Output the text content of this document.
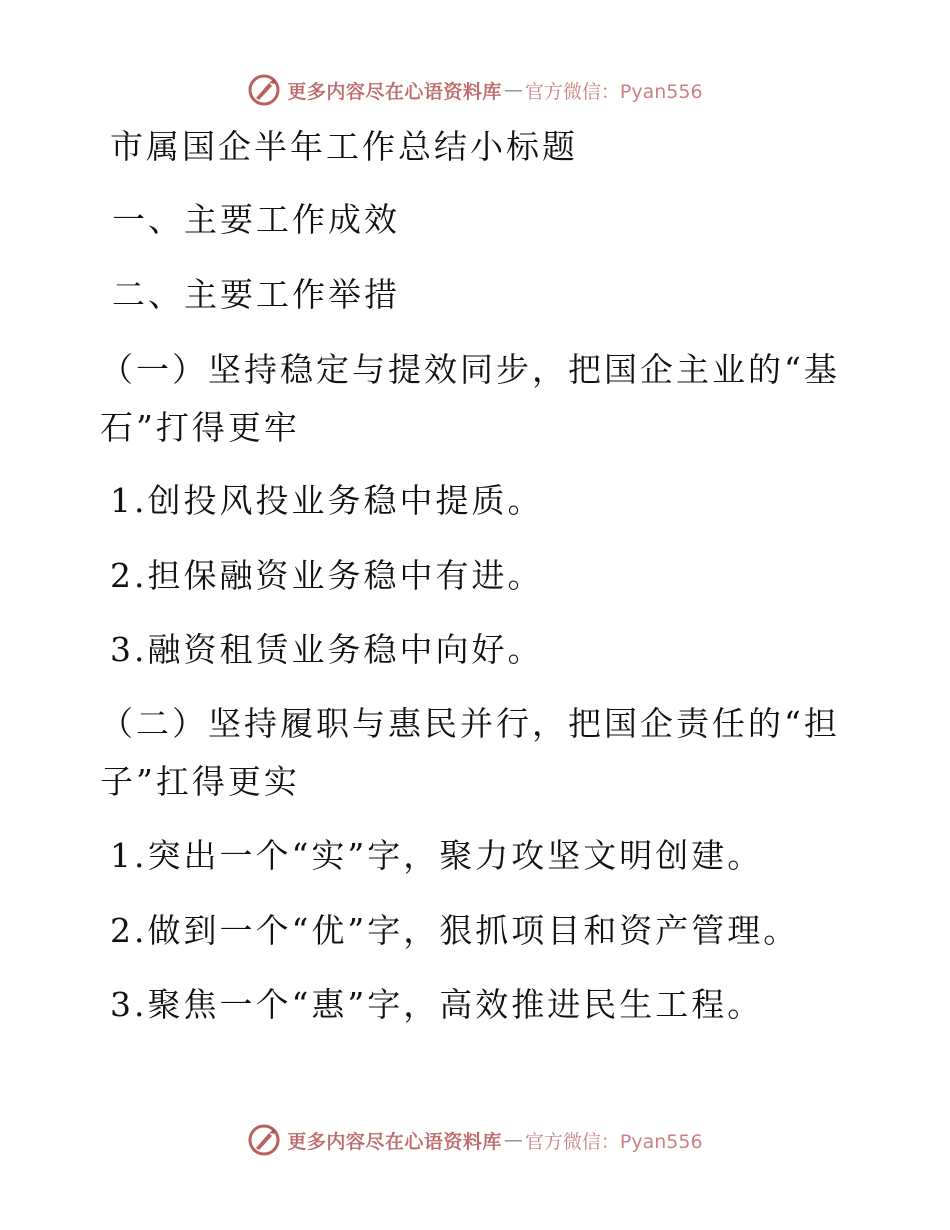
更多内容尽在心语资料库 — 官方微信：Pyan556
市属国企半年工作总结小标题
一、主要工作成效
二、主要工作举措
（一）坚持稳定与提效同步，把国企主业的“基
石”打得更牢
1.创投风投业务稳中提质。
2.担保融资业务稳中有进。
3.融资租赁业务稳中向好。
（二）坚持履职与惠民并行，把国企责任的“担
子”扛得更实
1.突出一个“实”字，聚力攻坚文明创建。
2.做到一个“优”字，狠抓项目和资产管理。
3.聚焦一个“惠”字，高效推进民生工程。
更多内容尽在心语资料库 — 官方微信：Pyan556
